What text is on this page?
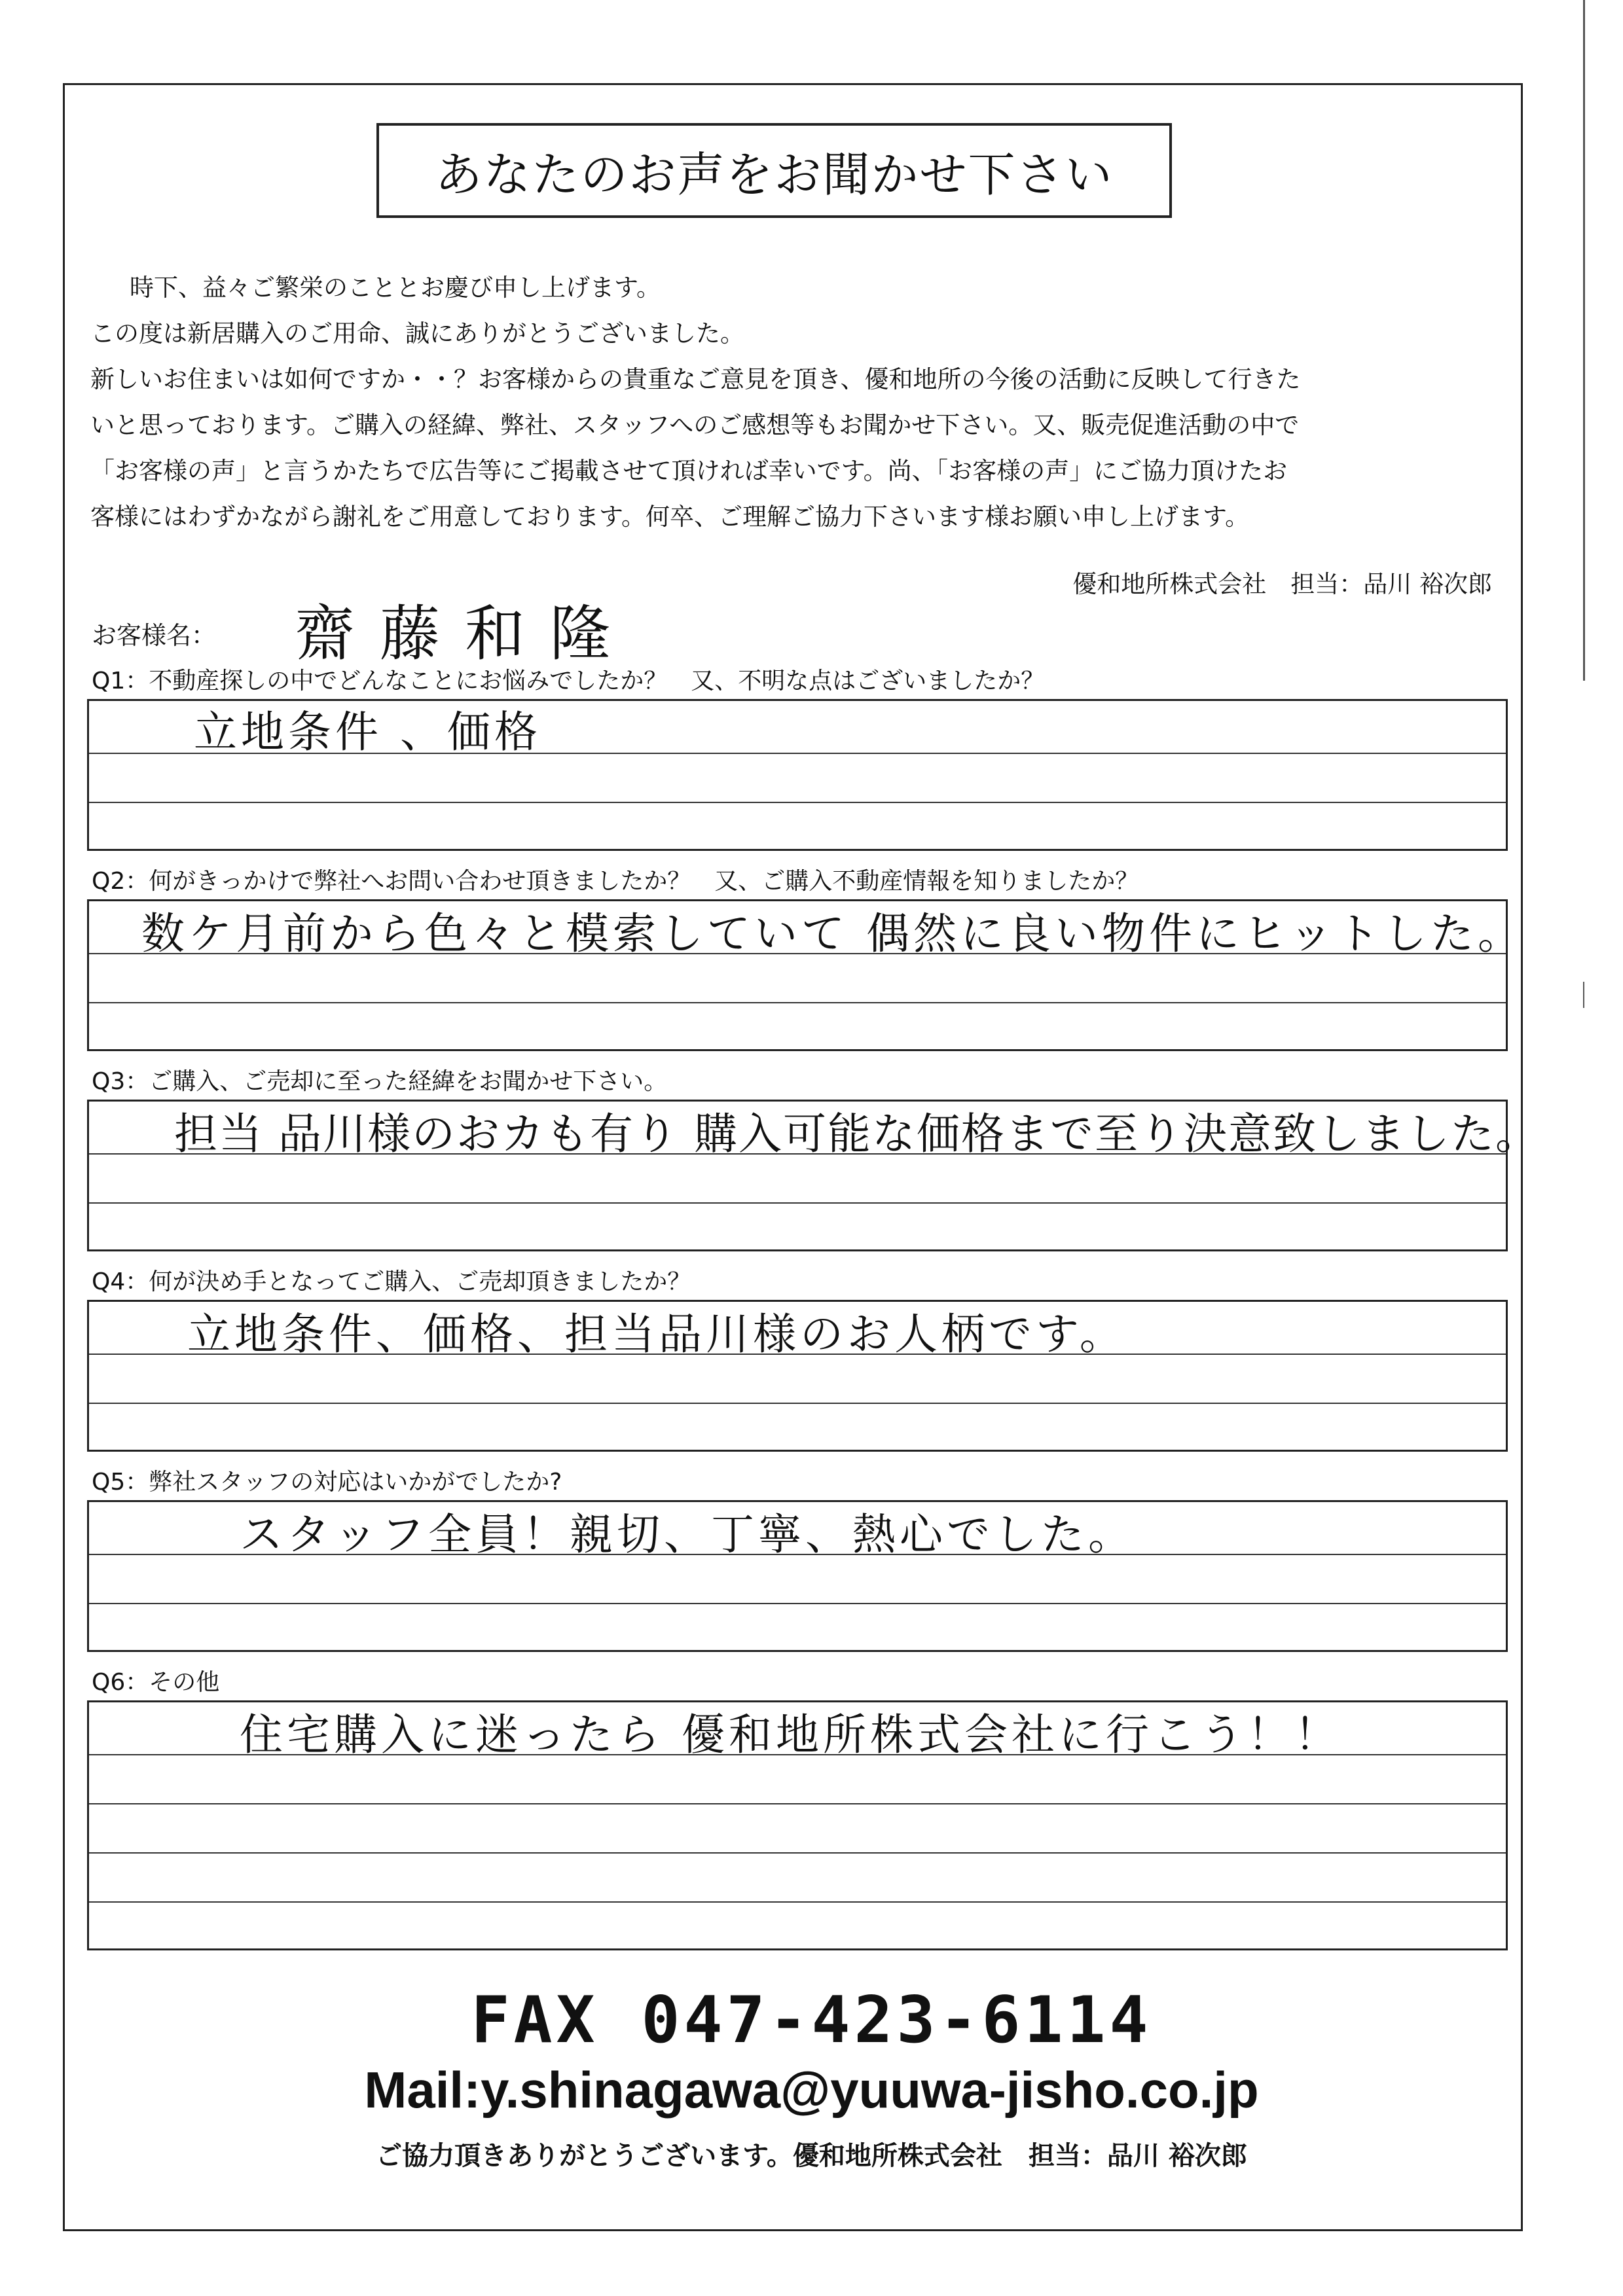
あなたのお声をお聞かせ下さい

時下、益々ご繁栄のこととお慶び申し上げます。

この度は新居購入のご用命、誠にありがとうございました。

新しいお住まいは如何ですか・・？お客様からの貴重なご意見を頂き、優和地所の今後の活動に反映して行きた

いと思っております。ご購入の経緯、弊社、スタッフへのご感想等もお聞かせ下さい。又、販売促進活動の中で

「お客様の声」と言うかたちで広告等にご掲載させて頂ければ幸いです。尚、「お客様の声」にご協力頂けたお

客様にはわずかながら謝礼をご用意しております。何卒、ご理解ご協力下さいます様お願い申し上げます。

優和地所株式会社　担当：品川 裕次郎
お客様名： 齋藤和隆
Q1：不動産探しの中でどんなことにお悩みでしたか？　又、不明な点はございましたか？
立地条件 、価格
Q2：何がきっかけで弊社へお問い合わせ頂きましたか？　又、ご購入不動産情報を知りましたか？
数ケ月前から色々と模索していて 偶然に良い物件にヒットした。
Q3：ご購入、ご売却に至った経緯をお聞かせ下さい。
担当 品川様のおカも有り 購入可能な価格まで至り決意致しました。
Q4：何が決め手となってご購入、ご売却頂きましたか？
立地条件、価格、担当品川様のお人柄です。
Q5：弊社スタッフの対応はいかがでしたか?
スタッフ全員！親切、丁寧、熱心でした。
Q6：その他
住宅購入に迷ったら 優和地所株式会社に行こう！！
FAX 047-423-6114
Mail:y.shinagawa@yuuwa-jisho.co.jp
ご協力頂きありがとうございます。優和地所株式会社　担当：品川 裕次郎
